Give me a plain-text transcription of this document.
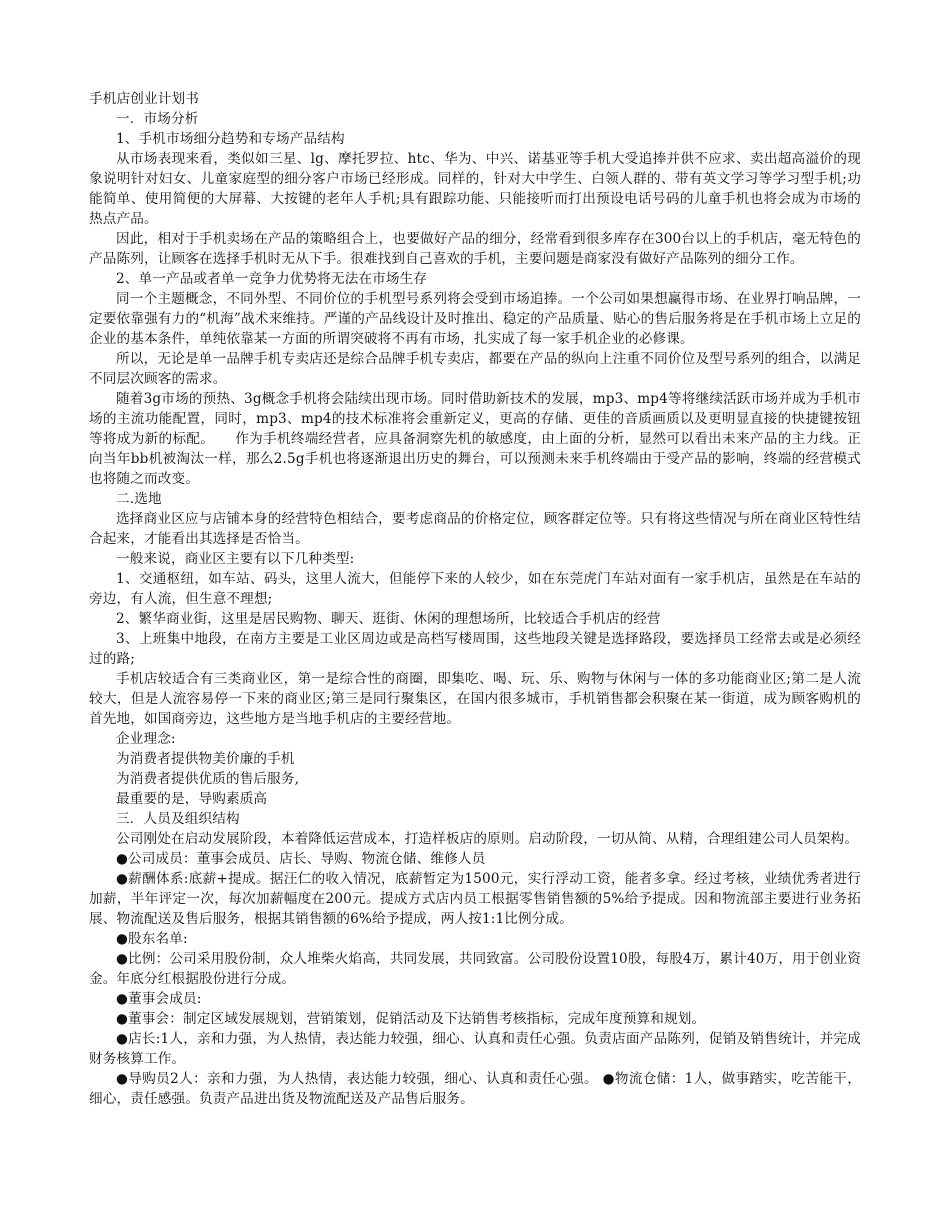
手机店创业计划书

一．市场分析

1、手机市场细分趋势和专场产品结构

从市场表现来看，类似如三星、lg、摩托罗拉、htc、华为、中兴、诺基亚等手机大受追捧并供不应求、卖出超高溢价的现象说明针对妇女、儿童家庭型的细分客户市场已经形成。同样的，针对大中学生、白领人群的、带有英文学习等学习型手机;功能简单、使用简便的大屏幕、大按键的老年人手机;具有跟踪功能、只能接听而打出预设电话号码的儿童手机也将会成为市场的热点产品。

因此，相对于手机卖场在产品的策略组合上，也要做好产品的细分，经常看到很多库存在300台以上的手机店，毫无特色的产品陈列，让顾客在选择手机时无从下手。很难找到自己喜欢的手机，主要问题是商家没有做好产品陈列的细分工作。

2、单一产品或者单一竞争力优势将无法在市场生存

同一个主题概念，不同外型、不同价位的手机型号系列将会受到市场追捧。一个公司如果想赢得市场、在业界打响品牌，一定要依靠强有力的“机海”战术来维持。严谨的产品线设计及时推出、稳定的产品质量、贴心的售后服务将是在手机市场上立足的企业的基本条件，单纯依靠某一方面的所谓突破将不再有市场，扎实成了每一家手机企业的必修课。

所以，无论是单一品牌手机专卖店还是综合品牌手机专卖店，都要在产品的纵向上注重不同价位及型号系列的组合，以满足不同层次顾客的需求。

随着3g市场的预热、3g概念手机将会陆续出现市场。同时借助新技术的发展，mp3、mp4等将继续活跃市场并成为手机市场的主流功能配置，同时，mp3、mp4的技术标准将会重新定义，更高的存储、更佳的音质画质以及更明显直接的快捷键按钮等将成为新的标配。　　作为手机终端经营者，应具备洞察先机的敏感度，由上面的分析，显然可以看出未来产品的主力线。正向当年bb机被淘汰一样，那么2.5g手机也将逐渐退出历史的舞台，可以预测未来手机终端由于受产品的影响，终端的经营模式也将随之而改变。

二.选地

选择商业区应与店铺本身的经营特色相结合，要考虑商品的价格定位，顾客群定位等。只有将这些情况与所在商业区特性结合起来，才能看出其选择是否恰当。

一般来说，商业区主要有以下几种类型:

1、交通枢纽，如车站、码头，这里人流大，但能停下来的人较少，如在东莞虎门车站对面有一家手机店，虽然是在车站的旁边，有人流，但生意不理想;

2、繁华商业街，这里是居民购物、聊天、逛街、休闲的理想场所，比较适合手机店的经营

3、上班集中地段，在南方主要是工业区周边或是高档写楼周围，这些地段关键是选择路段，要选择员工经常去或是必须经过的路;

手机店较适合有三类商业区，第一是综合性的商圈，即集吃、喝、玩、乐、购物与休闲与一体的多功能商业区;第二是人流较大，但是人流容易停一下来的商业区;第三是同行聚集区，在国内很多城市，手机销售都会积聚在某一街道，成为顾客购机的首先地，如国商旁边，这些地方是当地手机店的主要经营地。

企业理念:

为消费者提供物美价廉的手机

为消费者提供优质的售后服务,

最重要的是，导购素质高

三．人员及组织结构

公司刚处在启动发展阶段，本着降低运营成本，打造样板店的原则。启动阶段，一切从简、从精，合理组建公司人员架构。

●公司成员：董事会成员、店长、导购、物流仓储、维修人员

●薪酬体系:底薪+提成。据汪仁的收入情况，底薪暂定为1500元，实行浮动工资，能者多拿。经过考核，业绩优秀者进行加薪，半年评定一次，每次加薪幅度在200元。提成方式店内员工根据零售销售额的5%给予提成。因和物流部主要进行业务拓展、物流配送及售后服务，根据其销售额的6%给予提成，两人按1:1比例分成。

●股东名单:

●比例：公司采用股份制，众人堆柴火焰高，共同发展，共同致富。公司股份设置10股，每股4万，累计40万，用于创业资金。年底分红根据股份进行分成。

●董事会成员:

●董事会：制定区域发展规划，营销策划，促销活动及下达销售考核指标，完成年度预算和规划。

●店长:1人，亲和力强，为人热情，表达能力较强，细心、认真和责任心强。负责店面产品陈列，促销及销售统计，并完成财务核算工作。

●导购员2人：亲和力强，为人热情，表达能力较强，细心、认真和责任心强。 ●物流仓储：1人，做事踏实，吃苦能干，细心，责任感强。负责产品进出货及物流配送及产品售后服务。
